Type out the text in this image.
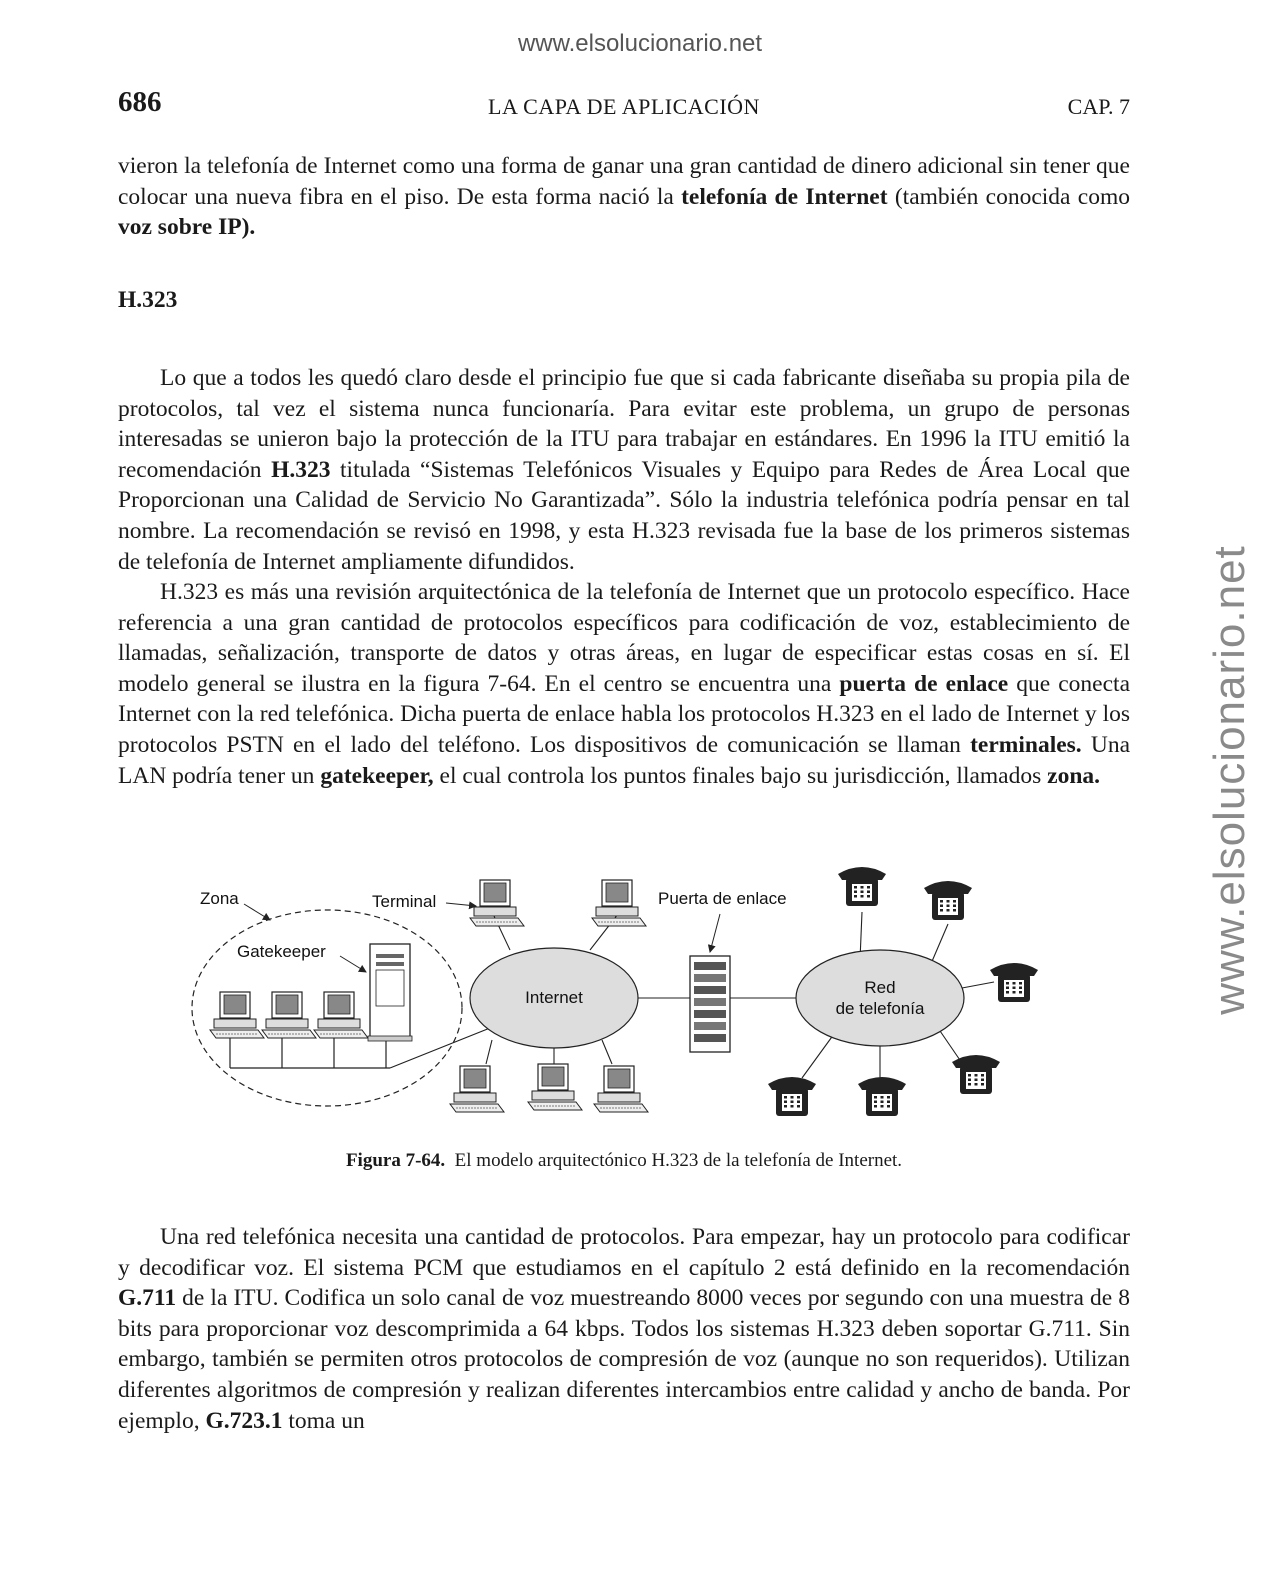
www.elsolucionario.net
www.elsolucionario.net
686	LA CAPA DE APLICACIÓN	CAP. 7

vieron la telefonía de Internet como una forma de ganar una gran cantidad de dinero adicional sin tener que colocar una nueva fibra en el piso. De esta forma nació la telefonía de Internet (también conocida como voz sobre IP).

H.323

Lo que a todos les quedó claro desde el principio fue que si cada fabricante diseñaba su propia pila de protocolos, tal vez el sistema nunca funcionaría. Para evitar este problema, un grupo de personas interesadas se unieron bajo la protección de la ITU para trabajar en estándares. En 1996 la ITU emitió la recomendación H.323 titulada “Sistemas Telefónicos Visuales y Equipo para Redes de Área Local que Proporcionan una Calidad de Servicio No Garantizada”. Sólo la industria telefónica podría pensar en tal nombre. La recomendación se revisó en 1998, y esta H.323 revisada fue la base de los primeros sistemas de telefonía de Internet ampliamente difundidos.

H.323 es más una revisión arquitectónica de la telefonía de Internet que un protocolo específico. Hace referencia a una gran cantidad de protocolos específicos para codificación de voz, establecimiento de llamadas, señalización, transporte de datos y otras áreas, en lugar de especificar estas cosas en sí. El modelo general se ilustra en la figura 7-64. En el centro se encuentra una puerta de enlace que conecta Internet con la red telefónica. Dicha puerta de enlace habla los protocolos H.323 en el lado de Internet y los protocolos PSTN en el lado del teléfono. Los dispositivos de comunicación se llaman terminales. Una LAN podría tener un gatekeeper, el cual controla los puntos finales bajo su jurisdicción, llamados zona.

Internet
Red
de telefonía
Zona	Terminal
Gatekeeper
Puerta de enlace
Figura 7-64. El modelo arquitectónico H.323 de la telefonía de Internet.

Una red telefónica necesita una cantidad de protocolos. Para empezar, hay un protocolo para codificar y decodificar voz. El sistema PCM que estudiamos en el capítulo 2 está definido en la recomendación G.711 de la ITU. Codifica un solo canal de voz muestreando 8000 veces por segundo con una muestra de 8 bits para proporcionar voz descomprimida a 64 kbps. Todos los sistemas H.323 deben soportar G.711. Sin embargo, también se permiten otros protocolos de compresión de voz (aunque no son requeridos). Utilizan diferentes algoritmos de compresión y realizan diferentes intercambios entre calidad y ancho de banda. Por ejemplo, G.723.1 toma un
